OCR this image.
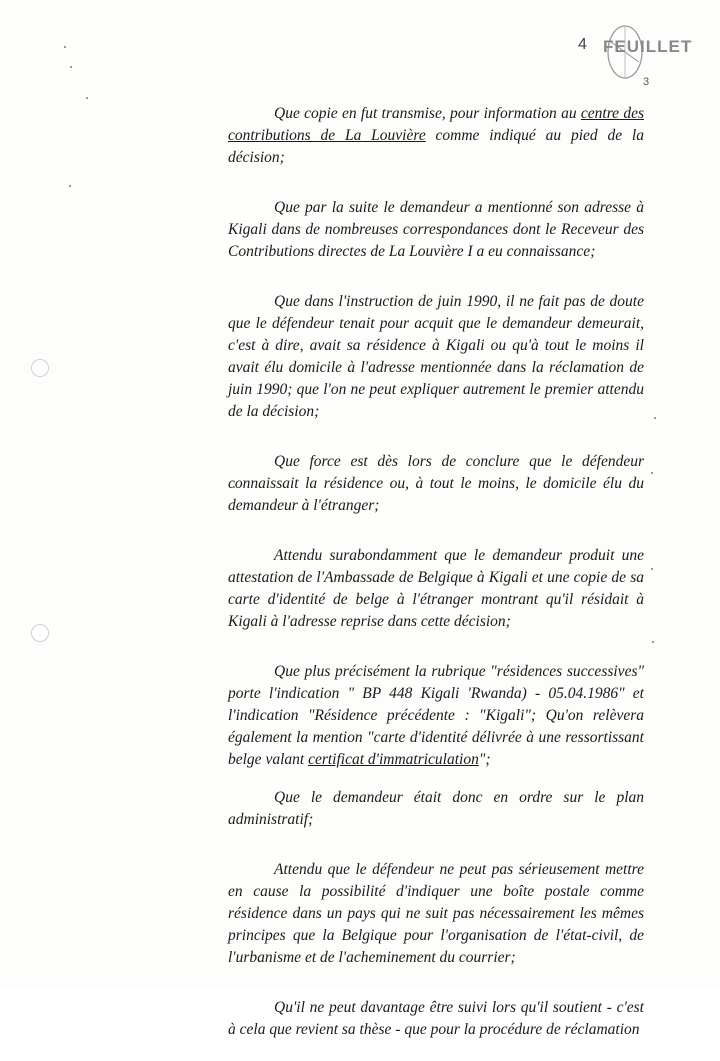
4 FEUILLET
3

Que copie en fut transmise, pour information au centre des contributions de La Louvière comme indiqué au pied de la décision;

Que par la suite le demandeur a mentionné son adresse à Kigali dans de nombreuses correspondances dont le Receveur des Contributions directes de La Louvière I a eu connaissance;

Que dans l'instruction de juin 1990, il ne fait pas de doute que le défendeur tenait pour acquit que le demandeur demeurait, c'est à dire, avait sa résidence à Kigali ou qu'à tout le moins il avait élu domicile à l'adresse mentionnée dans la réclamation de juin 1990; que l'on ne peut expliquer autrement le premier attendu de la décision;

Que force est dès lors de conclure que le défendeur connaissait la résidence ou, à tout le moins, le domicile élu du demandeur à l'étranger;

Attendu surabondamment que le demandeur produit une attestation de l'Ambassade de Belgique à Kigali et une copie de sa carte d'identité de belge à l'étranger montrant qu'il résidait à Kigali à l'adresse reprise dans cette décision;

Que plus précisément la rubrique "résidences successives" porte l'indication " BP 448 Kigali 'Rwanda) - 05.04.1986" et l'indication "Résidence précédente : "Kigali"; Qu'on relèvera également la mention "carte d'identité délivrée à une ressortissant belge valant certificat d'immatriculation";

Que le demandeur était donc en ordre sur le plan administratif;

Attendu que le défendeur ne peut pas sérieusement mettre en cause la possibilité d'indiquer une boîte postale comme résidence dans un pays qui ne suit pas nécessairement les mêmes principes que la Belgique pour l'organisation de l'état-civil, de l'urbanisme et de l'acheminement du courrier;

Qu'il ne peut davantage être suivi lors qu'il soutient - c'est à cela que revient sa thèse - que pour la procédure de réclamation
